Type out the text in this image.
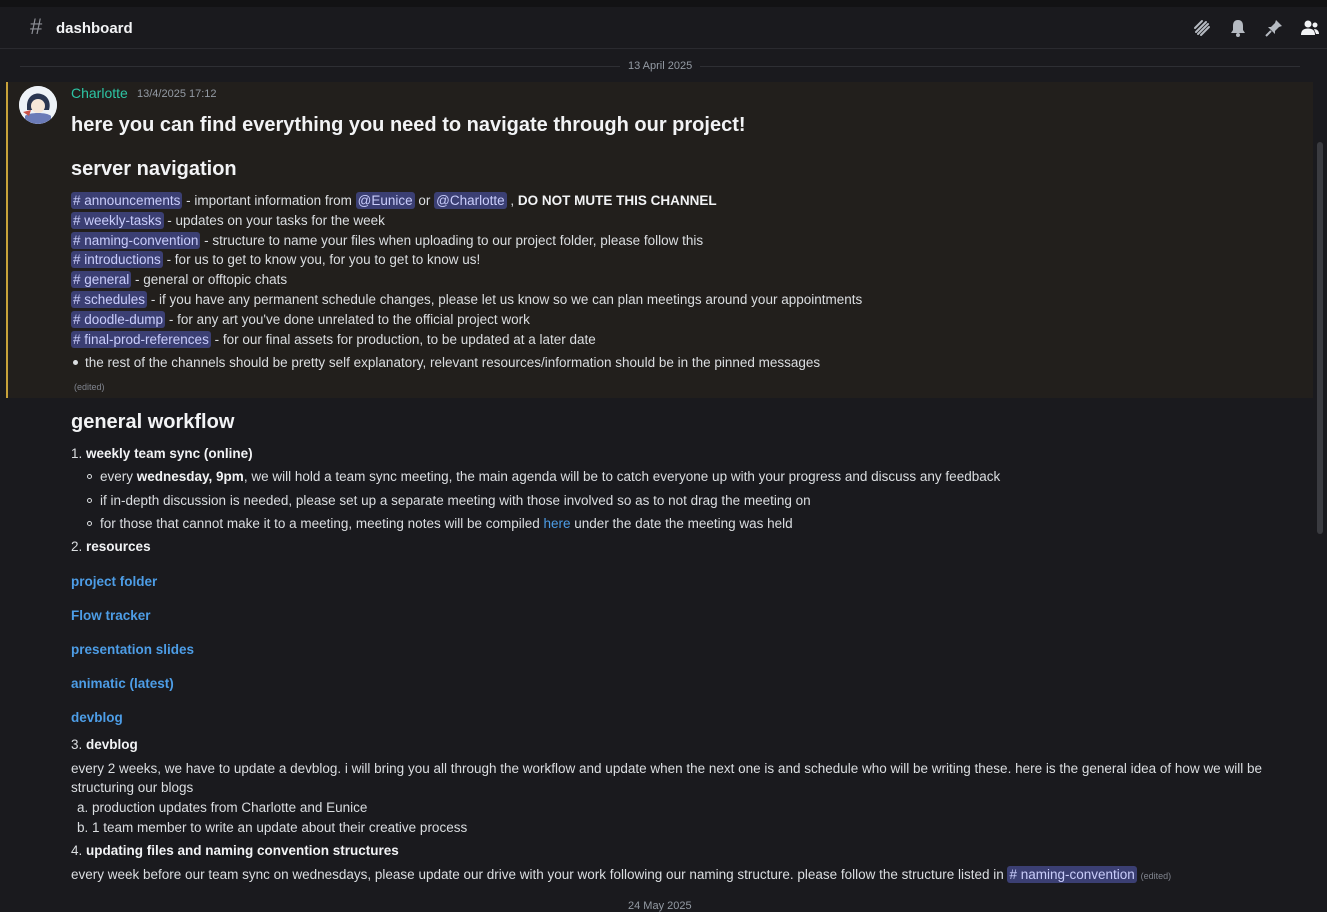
# dashboard
13 April 2025
Charlotte 13/4/2025 17:12
here you can find everything you need to navigate through our project!
server navigation
# announcements - important information from @Eunice or @Charlotte , DO NOT MUTE THIS CHANNEL
# weekly-tasks - updates on your tasks for the week
# naming-convention - structure to name your files when uploading to our project folder, please follow this
# introductions - for us to get to know you, for you to get to know us!
# general - general or offtopic chats
# schedules - if you have any permanent schedule changes, please let us know so we can plan meetings around your appointments
# doodle-dump - for any art you've done unrelated to the official project work
# final-prod-references - for our final assets for production, to be updated at a later date
the rest of the channels should be pretty self explanatory, relevant resources/information should be in the pinned messages
(edited)
general workflow
1. weekly team sync (online)
every wednesday, 9pm, we will hold a team sync meeting, the main agenda will be to catch everyone up with your progress and discuss any feedback
if in-depth discussion is needed, please set up a separate meeting with those involved so as to not drag the meeting on
for those that cannot make it to a meeting, meeting notes will be compiled here under the date the meeting was held
2. resources
project folder
Flow tracker
presentation slides
animatic (latest)
devblog
3. devblog
every 2 weeks, we have to update a devblog. i will bring you all through the workflow and update when the next one is and schedule who will be writing these. here is the general idea of how we will be
structuring our blogs
a. production updates from Charlotte and Eunice
b. 1 team member to write an update about their creative process
4. updating files and naming convention structures
every week before our team sync on wednesdays, please update our drive with your work following our naming structure. please follow the structure listed in # naming-convention (edited)
24 May 2025
